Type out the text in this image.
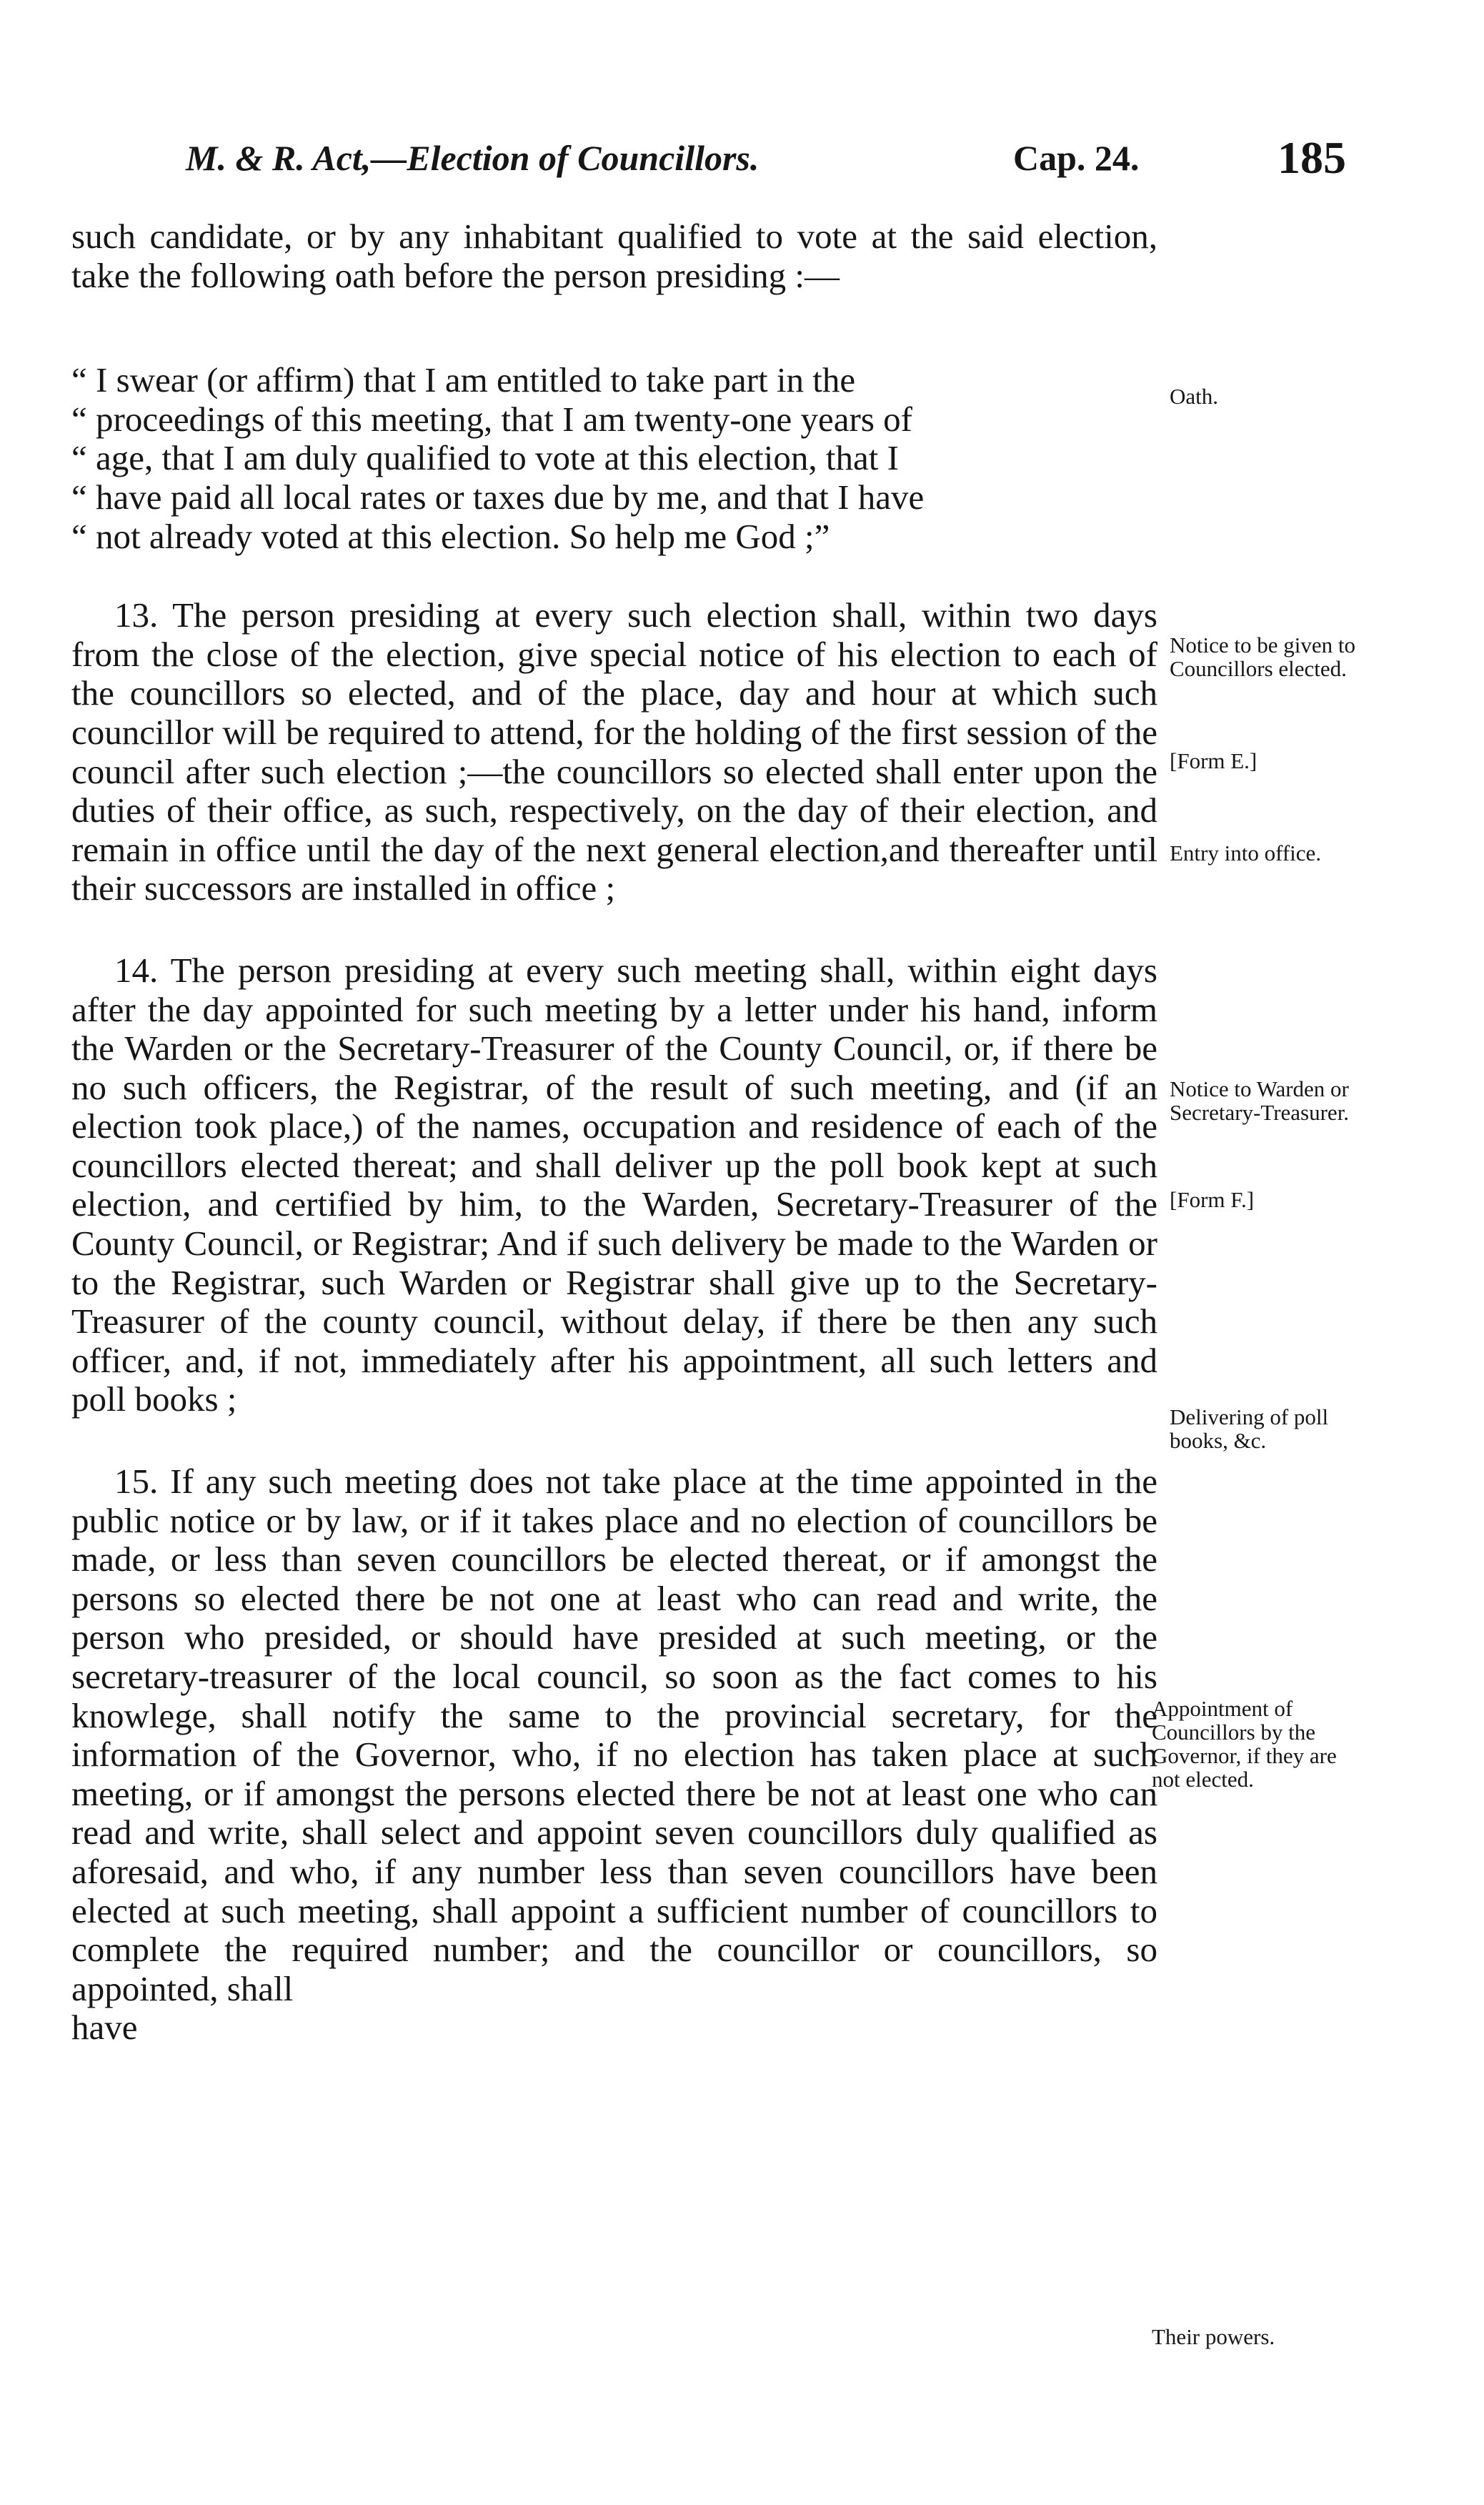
M. & R. Act,—Election of Councillors.	Cap. 24.	185

such candidate, or by any inhabitant qualified to vote at the said election, take the following oath before the person presiding :—

“ I swear (or affirm) that I am entitled to take part in the
“ proceedings of this meeting, that I am twenty-one years of
“ age, that I am duly qualified to vote at this election, that I
“ have paid all local rates or taxes due by me, and that I have
“ not already voted at this election. So help me God ;”

13. The person presiding at every such election shall, within two days from the close of the election, give special notice of his election to each of the councillors so elected, and of the place, day and hour at which such councillor will be required to attend, for the holding of the first session of the council after such election ;—the councillors so elected shall enter upon the duties of their office, as such, respectively, on the day of their election, and remain in office until the day of the next general election,and thereafter until their successors are installed in office ;

14. The person presiding at every such meeting shall, within eight days after the day appointed for such meeting by a letter under his hand, inform the Warden or the Secretary-Treasurer of the County Council, or, if there be no such officers, the Registrar, of the result of such meeting, and (if an election took place,) of the names, occupation and residence of each of the councillors elected thereat; and shall deliver up the poll book kept at such election, and certified by him, to the Warden, Secretary-Treasurer of the County Council, or Registrar; And if such delivery be made to the Warden or to the Registrar, such Warden or Registrar shall give up to the Secretary-Treasurer of the county council, without delay, if there be then any such officer, and, if not, immediately after his appointment, all such letters and poll books ;

15. If any such meeting does not take place at the time appointed in the public notice or by law, or if it takes place and no election of councillors be made, or less than seven councillors be elected thereat, or if amongst the persons so elected there be not one at least who can read and write, the person who presided, or should have presided at such meeting, or the secretary-treasurer of the local council, so soon as the fact comes to his knowlege, shall notify the same to the provincial secretary, for the information of the Governor, who, if no election has taken place at such meeting, or if amongst the persons elected there be not at least one who can read and write, shall select and appoint seven councillors duly qualified as aforesaid, and who, if any number less than seven councillors have been elected at such meeting, shall appoint a sufficient number of councillors to complete the required number; and the councillor or councillors, so appointed, shall

have
Oath.
Notice to be given to Councillors elected.
[Form E.]
Entry into office.
Notice to Warden or Secretary-Treasurer.
[Form F.]
Delivering of poll books, &c.
Appointment of Councillors by the Governor, if they are not elected.
Their powers.
